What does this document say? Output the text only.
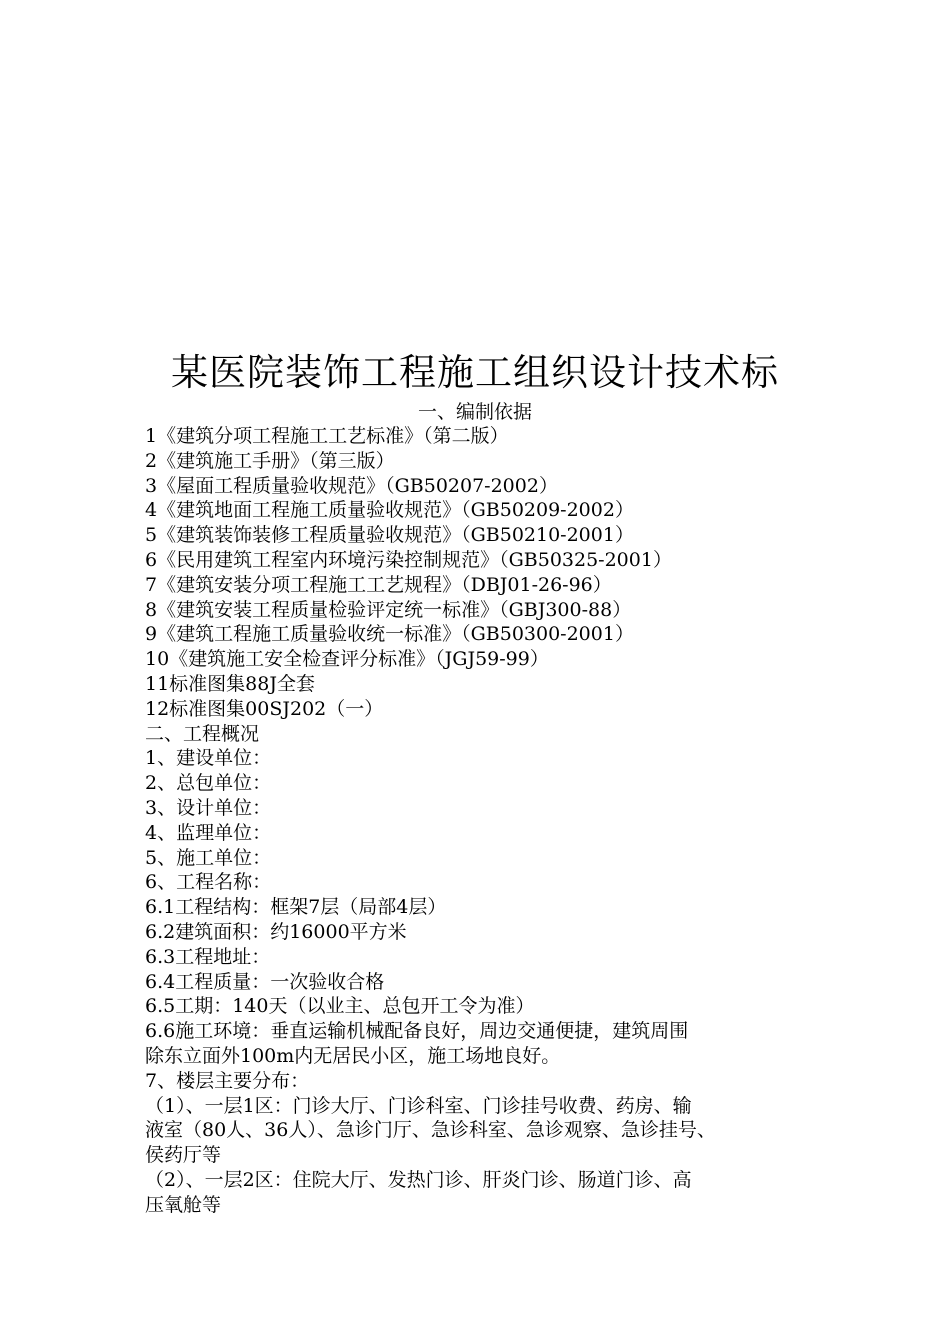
某医院装饰工程施工组织设计技术标
一、编制依据
1《建筑分项工程施工工艺标准》（第二版）
2《建筑施工手册》（第三版）
3《屋面工程质量验收规范》（GB50207-2002）
4《建筑地面工程施工质量验收规范》（GB50209-2002）
5《建筑装饰装修工程质量验收规范》（GB50210-2001）
6《民用建筑工程室内环境污染控制规范》（GB50325-2001）
7《建筑安装分项工程施工工艺规程》（DBJ01-26-96）
8《建筑安装工程质量检验评定统一标准》（GBJ300-88）
9《建筑工程施工质量验收统一标准》（GB50300-2001）
10《建筑施工安全检查评分标准》（JGJ59-99）
11标准图集88J全套
12标准图集00SJ202（一）
二、工程概况
1、建设单位：
2、总包单位：
3、设计单位：
4、监理单位：
5、施工单位：
6、工程名称：
6.1工程结构：框架7层（局部4层）
6.2建筑面积：约16000平方米
6.3工程地址：
6.4工程质量：一次验收合格
6.5工期：140天（以业主、总包开工令为准）
6.6施工环境：垂直运输机械配备良好，周边交通便捷，建筑周围
除东立面外100m内无居民小区，施工场地良好。
7、楼层主要分布：
（1）、一层1区：门诊大厅、门诊科室、门诊挂号收费、药房、输
液室（80人、36人）、急诊门厅、急诊科室、急诊观察、急诊挂号、
侯药厅等
（2）、一层2区：住院大厅、发热门诊、肝炎门诊、肠道门诊、高
压氧舱等
